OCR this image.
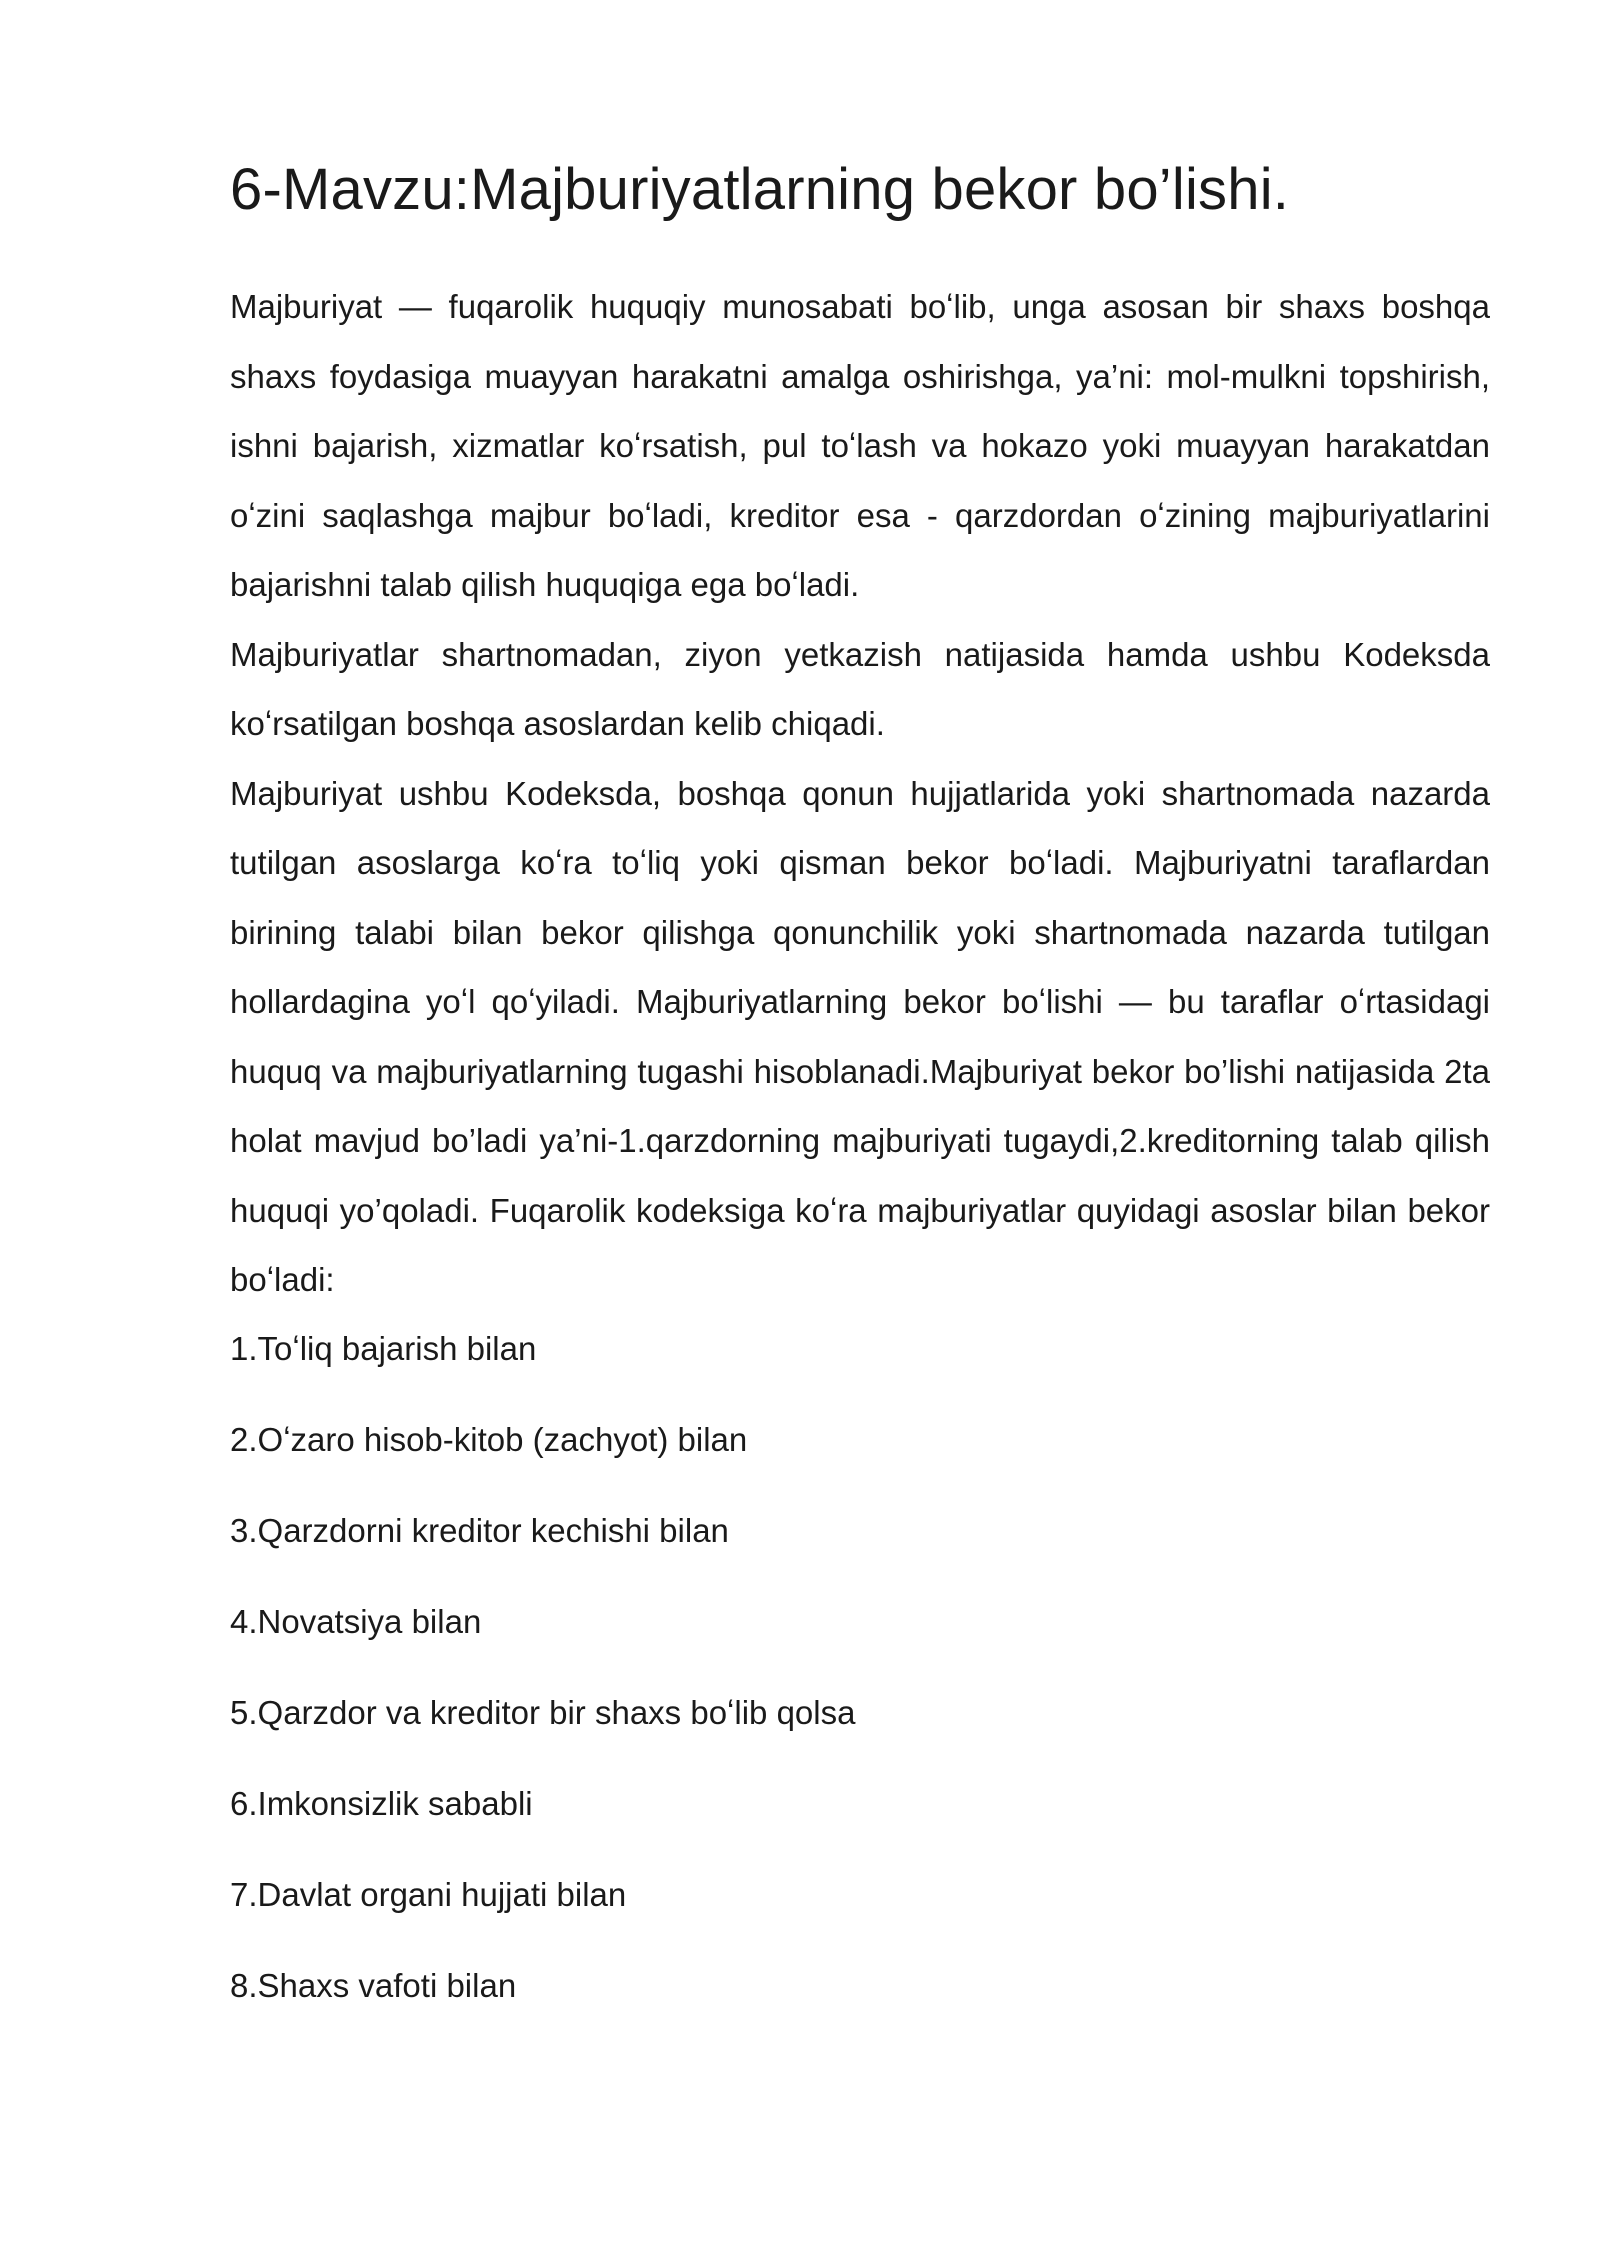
6-Mavzu:Majburiyatlarning bekor bo’lishi.

Majburiyat — fuqarolik huquqiy munosabati boʻlib, unga asosan bir shaxs boshqa shaxs foydasiga muayyan harakatni amalga oshirishga, ya’ni: mol-mulkni topshirish, ishni bajarish, xizmatlar koʻrsatish, pul toʻlash va hokazo yoki muayyan harakatdan oʻzini saqlashga majbur boʻladi, kreditor esa - qarzdordan oʻzining majburiyatlarini bajarishni talab qilish huquqiga ega boʻladi.

Majburiyatlar shartnomadan, ziyon yetkazish natijasida hamda ushbu Kodeksda koʻrsatilgan boshqa asoslardan kelib chiqadi.

Majburiyat ushbu Kodeksda, boshqa qonun hujjatlarida yoki shartnomada nazarda tutilgan asoslarga koʻra toʻliq yoki qisman bekor boʻladi. Majburiyatni taraflardan birining talabi bilan bekor qilishga qonunchilik yoki shartnomada nazarda tutilgan hollardagina yoʻl qoʻyiladi. Majburiyatlarning bekor boʻlishi — bu taraflar oʻrtasidagi huquq va majburiyatlarning tugashi hisoblanadi.Majburiyat bekor bo’lishi natijasida 2ta holat mavjud bo’ladi ya’ni-1.qarzdorning majburiyati tugaydi,2.kreditorning talab qilish huquqi yo’qoladi. Fuqarolik kodeksiga koʻra majburiyatlar quyidagi asoslar bilan bekor boʻladi:

1.Toʻliq bajarish bilan
2.Oʻzaro hisob-kitob (zachyot) bilan
3.Qarzdorni kreditor kechishi bilan
4.Novatsiya bilan
5.Qarzdor va kreditor bir shaxs boʻlib qolsa
6.Imkonsizlik sababli
7.Davlat organi hujjati bilan
8.Shaxs vafoti bilan
